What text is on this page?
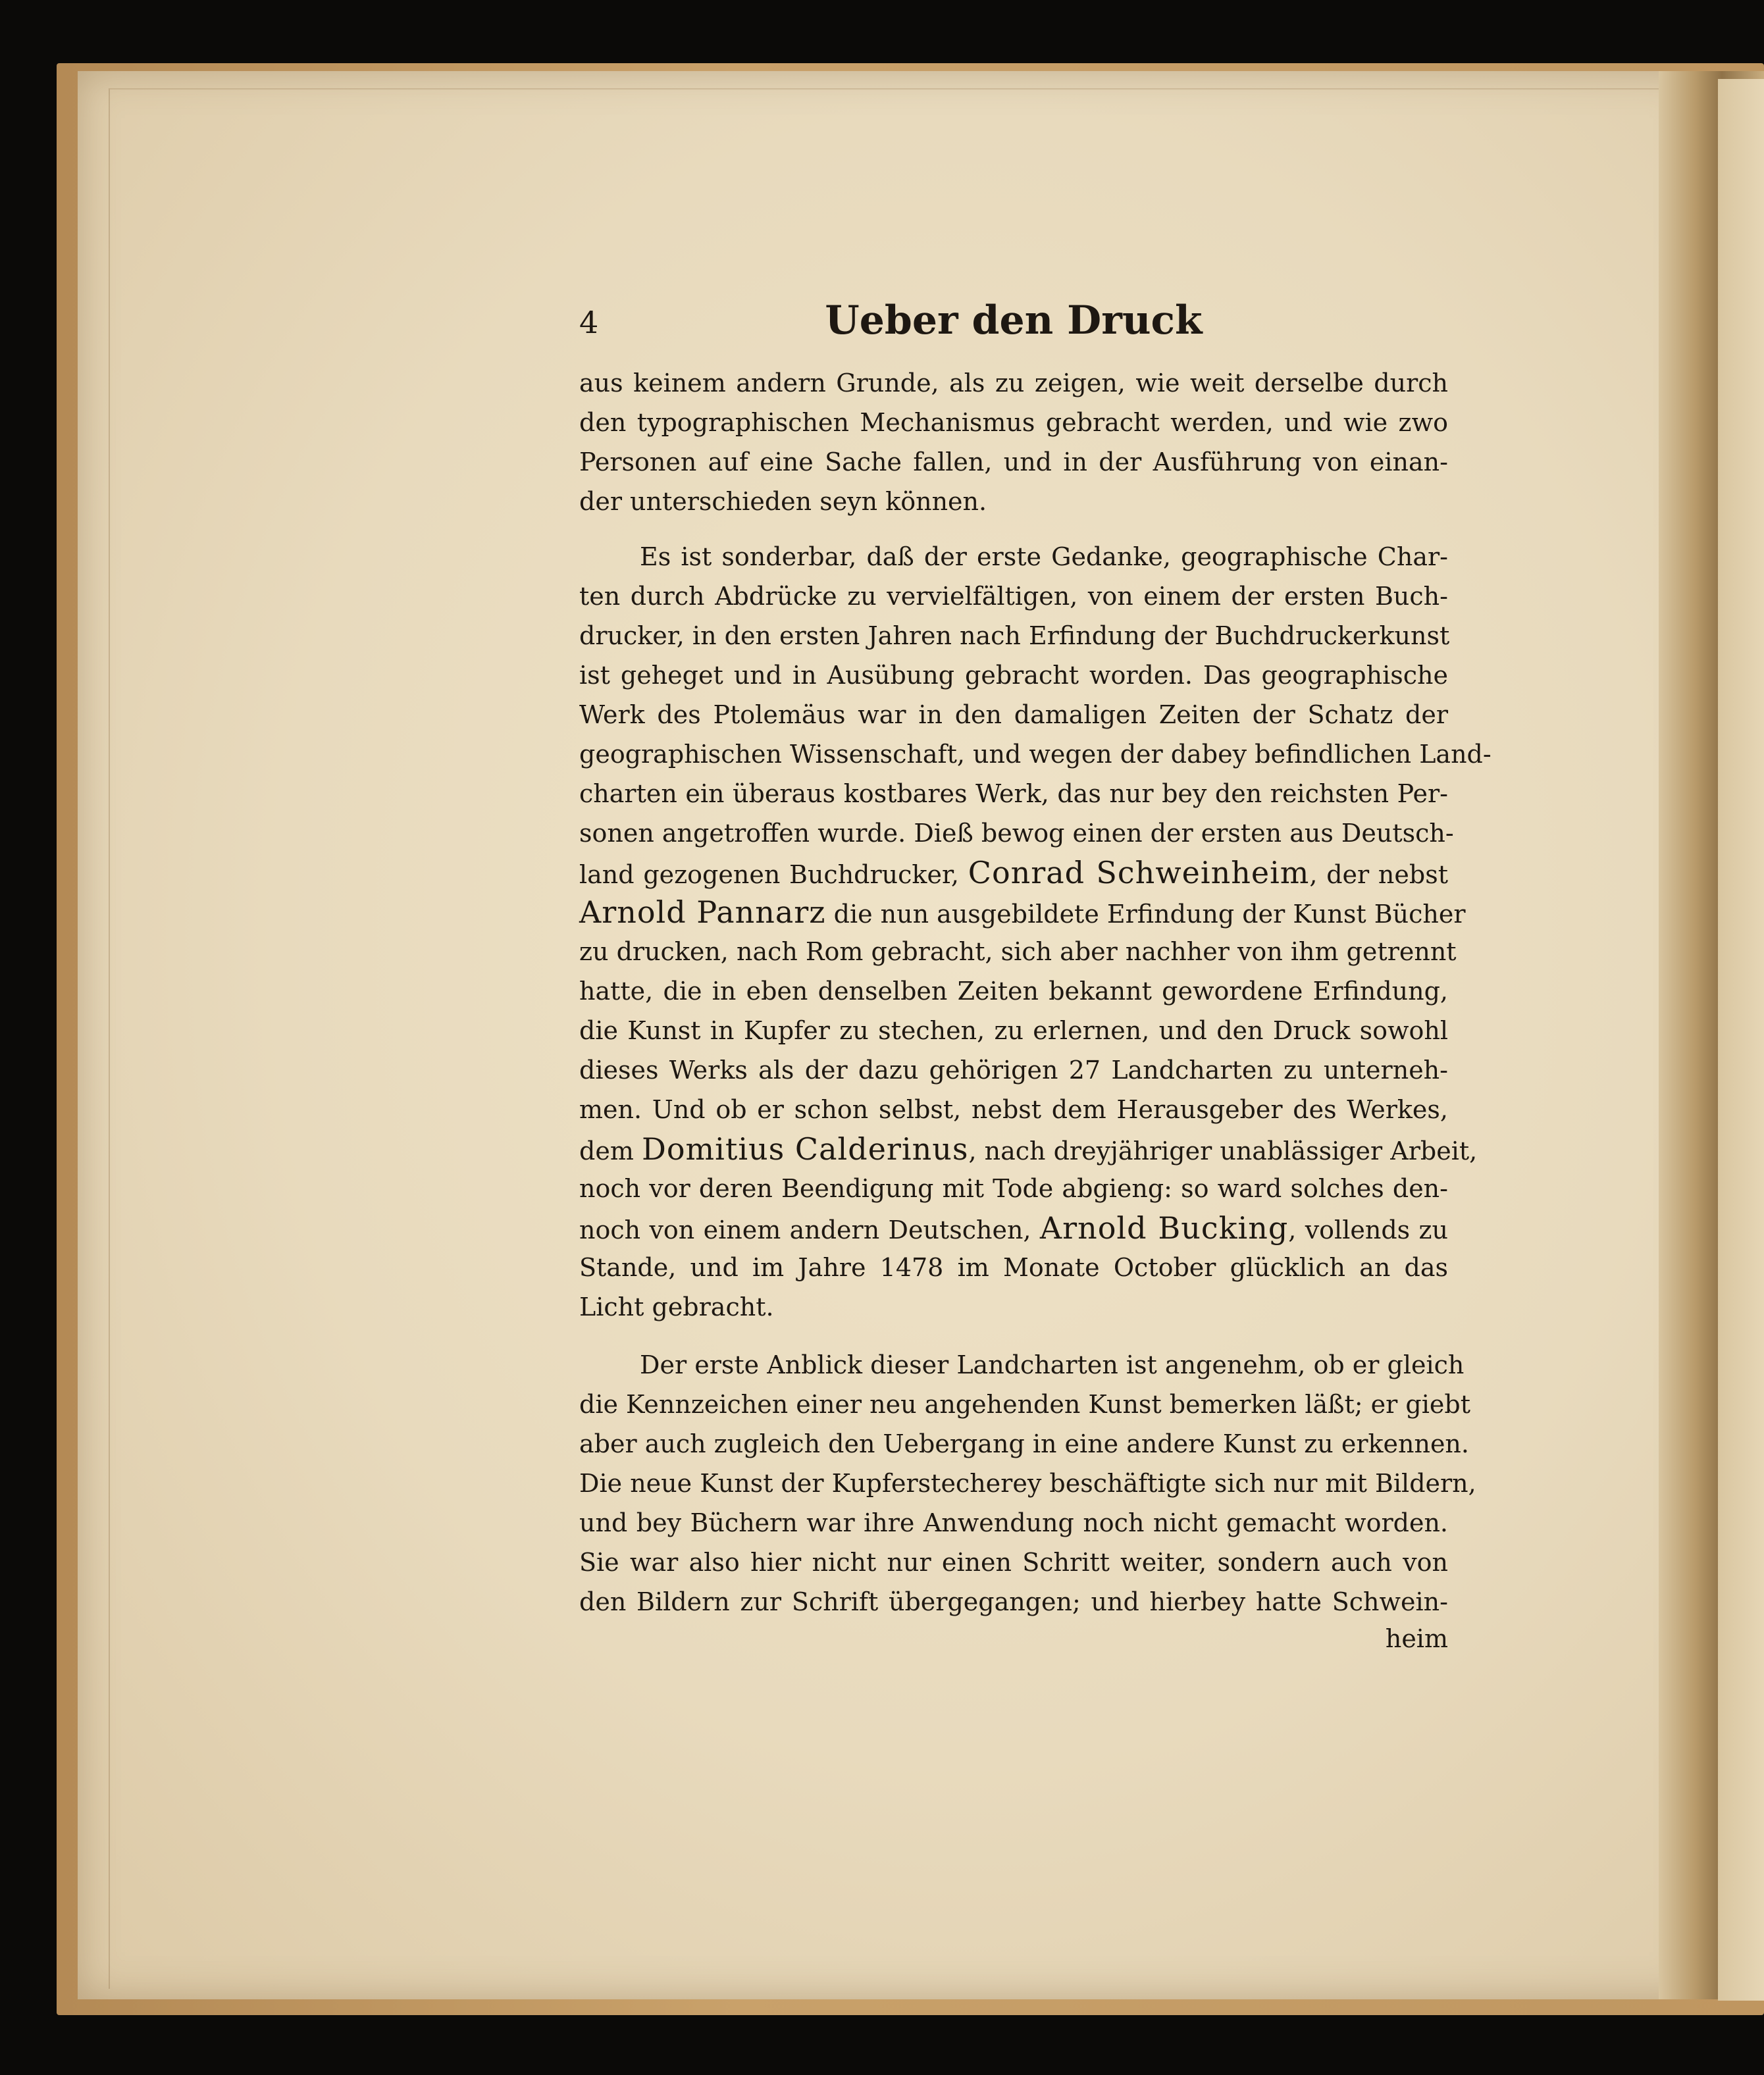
4	Ueber den Druck
aus keinem andern Grunde, als zu zeigen, wie weit derselbe durch
den typographischen Mechanismus gebracht werden, und wie zwo
Personen auf eine Sache fallen, und in der Ausführung von einan-
der unterschieden seyn können.
Es ist sonderbar, daß der erste Gedanke, geographische Char-
ten durch Abdrücke zu vervielfältigen, von einem der ersten Buch-
drucker, in den ersten Jahren nach Erfindung der Buchdruckerkunst
ist geheget und in Ausübung gebracht worden. Das geographische
Werk des Ptolemäus war in den damaligen Zeiten der Schatz der
geographischen Wissenschaft, und wegen der dabey befindlichen Land-
charten ein überaus kostbares Werk, das nur bey den reichsten Per-
sonen angetroffen wurde. Dieß bewog einen der ersten aus Deutsch-
land gezogenen Buchdrucker, Conrad Schweinheim, der nebst
Arnold Pannarz die nun ausgebildete Erfindung der Kunst Bücher
zu drucken, nach Rom gebracht, sich aber nachher von ihm getrennt
hatte, die in eben denselben Zeiten bekannt gewordene Erfindung,
die Kunst in Kupfer zu stechen, zu erlernen, und den Druck sowohl
dieses Werks als der dazu gehörigen 27 Landcharten zu unterneh-
men. Und ob er schon selbst, nebst dem Herausgeber des Werkes,
dem Domitius Calderinus, nach dreyjähriger unablässiger Arbeit,
noch vor deren Beendigung mit Tode abgieng: so ward solches den-
noch von einem andern Deutschen, Arnold Bucking, vollends zu
Stande, und im Jahre 1478 im Monate October glücklich an das
Licht gebracht.
Der erste Anblick dieser Landcharten ist angenehm, ob er gleich
die Kennzeichen einer neu angehenden Kunst bemerken läßt; er giebt
aber auch zugleich den Uebergang in eine andere Kunst zu erkennen.
Die neue Kunst der Kupferstecherey beschäftigte sich nur mit Bildern,
und bey Büchern war ihre Anwendung noch nicht gemacht worden.
Sie war also hier nicht nur einen Schritt weiter, sondern auch von
den Bildern zur Schrift übergegangen; und hierbey hatte Schwein-
heim
